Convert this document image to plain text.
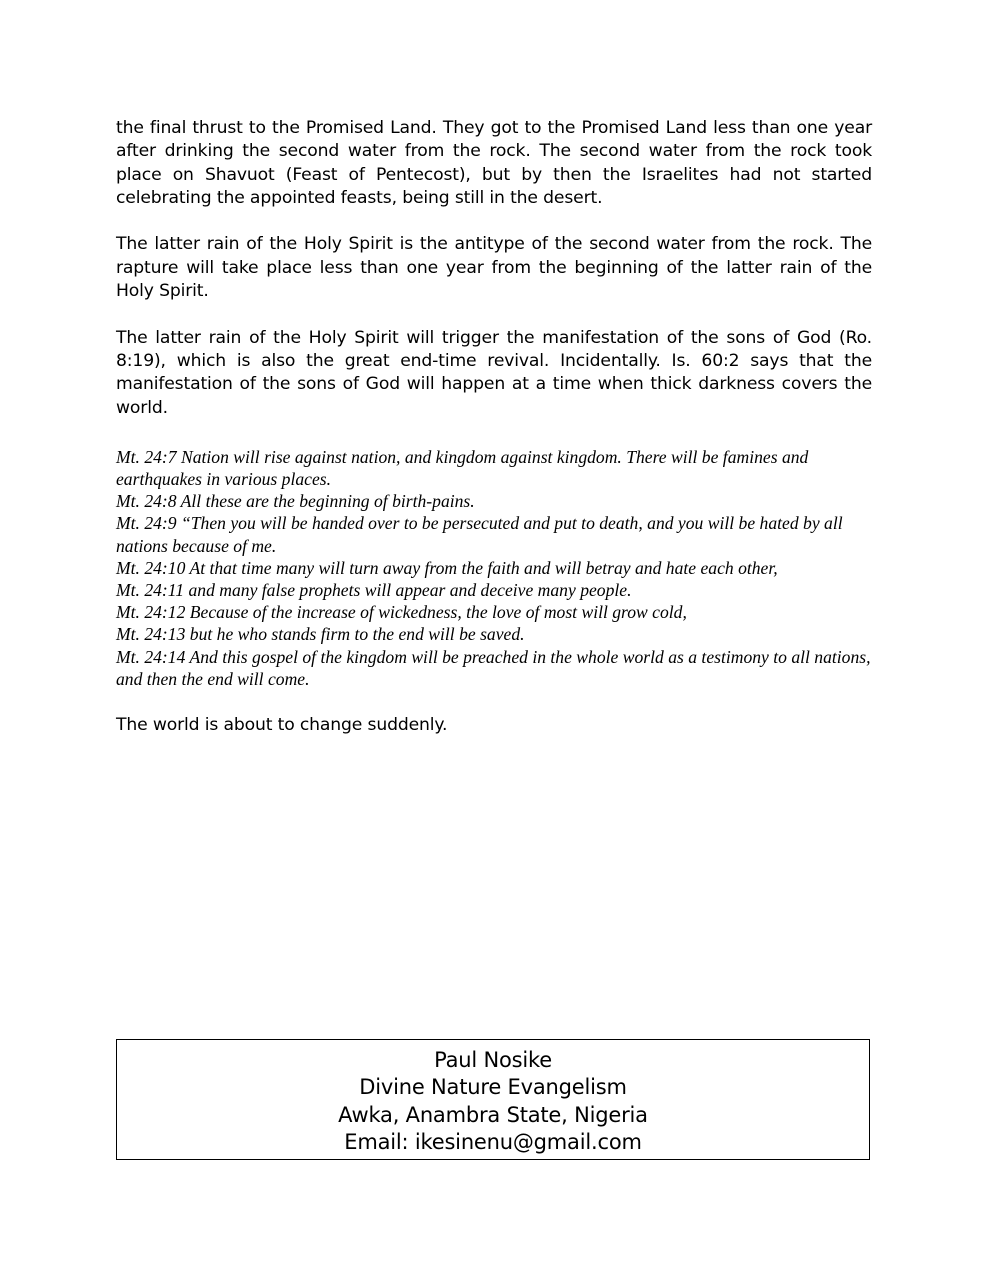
the final thrust to the Promised Land. They got to the Promised Land less than one year after drinking the second water from the rock. The second water from the rock took place on Shavuot (Feast of Pentecost), but by then the Israelites had not started celebrating the appointed feasts, being still in the desert.

The latter rain of the Holy Spirit is the antitype of the second water from the rock. The rapture will take place less than one year from the beginning of the latter rain of the Holy Spirit.

The latter rain of the Holy Spirit will trigger the manifestation of the sons of God (Ro. 8:19), which is also the great end-time revival. Incidentally. Is. 60:2 says that the manifestation of the sons of God will happen at a time when thick darkness covers the world.

Mt. 24:7 Nation will rise against nation, and kingdom against kingdom. There will be famines and earthquakes in various places.
Mt. 24:8 All these are the beginning of birth-pains.
Mt. 24:9 “Then you will be handed over to be persecuted and put to death, and you will be hated by all nations because of me.
Mt. 24:10 At that time many will turn away from the faith and will betray and hate each other,
Mt. 24:11 and many false prophets will appear and deceive many people.
Mt. 24:12 Because of the increase of wickedness, the love of most will grow cold,
Mt. 24:13 but he who stands firm to the end will be saved.
Mt. 24:14 And this gospel of the kingdom will be preached in the whole world as a testimony to all nations, and then the end will come.

The world is about to change suddenly.

Paul Nosike
Divine Nature Evangelism
Awka, Anambra State, Nigeria
Email: ikesinenu@gmail.com
